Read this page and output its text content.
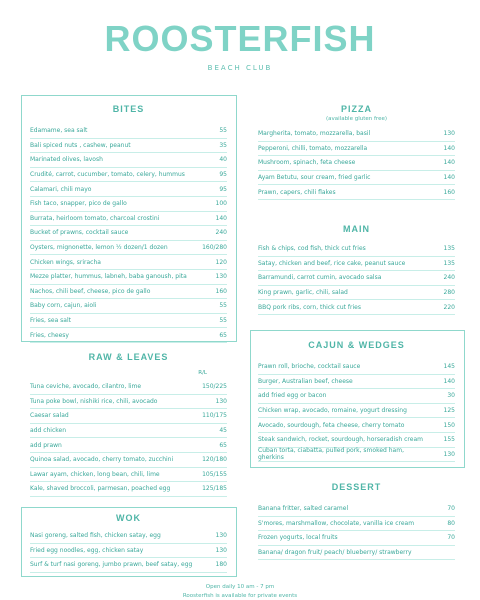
ROOSTERFISH
BEACH CLUB
BITES
Edamame, sea salt	55
Bali spiced nuts , cashew, peanut	35
Marinated olives, lavosh	40
Crudité, carrot, cucumber, tomato, celery, hummus	95
Calamari, chili mayo	95
Fish taco, snapper, pico de gallo	100
Burrata, heirloom tomato, charcoal crostini	140
Bucket of prawns, cocktail sauce	240
Oysters, mignonette, lemon ½ dozen/1 dozen	160/280
Chicken wings, sriracha	120
Mezze platter, hummus, labneh, baba ganoush, pita	130
Nachos, chili beef, cheese, pico de gallo	160
Baby corn, cajun, aioli	55
Fries, sea salt	55
Fries, cheesy	65
RAW & LEAVES
R/L
Tuna ceviche, avocado, cilantro, lime	150/225
Tuna poke bowl, nishiki rice, chili, avocado	130
Caesar salad	110/175
add chicken	45
add prawn	65
Quinoa salad, avocado, cherry tomato, zucchini	120/180
Lawar ayam, chicken, long bean, chili, lime	105/155
Kale, shaved broccoli, parmesan, poached egg	125/185
WOK
Nasi goreng, salted fish, chicken satay, egg	130
Fried egg noodles, egg, chicken satay	130
Surf & turf nasi goreng, jumbo prawn, beef satay, egg	180
PIZZA
(available gluten free)
Margherita, tomato, mozzarella, basil	130
Pepperoni, chilli, tomato, mozzarella	140
Mushroom, spinach, feta cheese	140
Ayam Betutu, sour cream, fried garlic	140
Prawn, capers, chili flakes	160
MAIN
Fish & chips, cod fish, thick cut fries	135
Satay, chicken and beef, rice cake, peanut sauce	135
Barramundi, carrot cumin, avocado salsa	240
King prawn, garlic, chili, salad	280
BBQ pork ribs, corn, thick cut fries	220
CAJUN & WEDGES
Prawn roll, brioche, cocktail sauce	145
Burger, Australian beef, cheese	140
add fried egg or bacon	30
Chicken wrap, avocado, romaine, yogurt dressing	125
Avocado, sourdough, feta cheese, cherry tomato	150
Steak sandwich, rocket, sourdough, horseradish cream	155
Cuban torta, ciabatta, pulled pork, smoked ham, gherkins	130
DESSERT
Banana fritter, salted caramel	70
S'mores, marshmallow, chocolate, vanilla ice cream	80
Frozen yogurts, local fruits	70
Banana/ dragon fruit/ peach/ blueberry/ strawberry
Open daily 10 am - 7 pm
Roosterfish is available for private events
